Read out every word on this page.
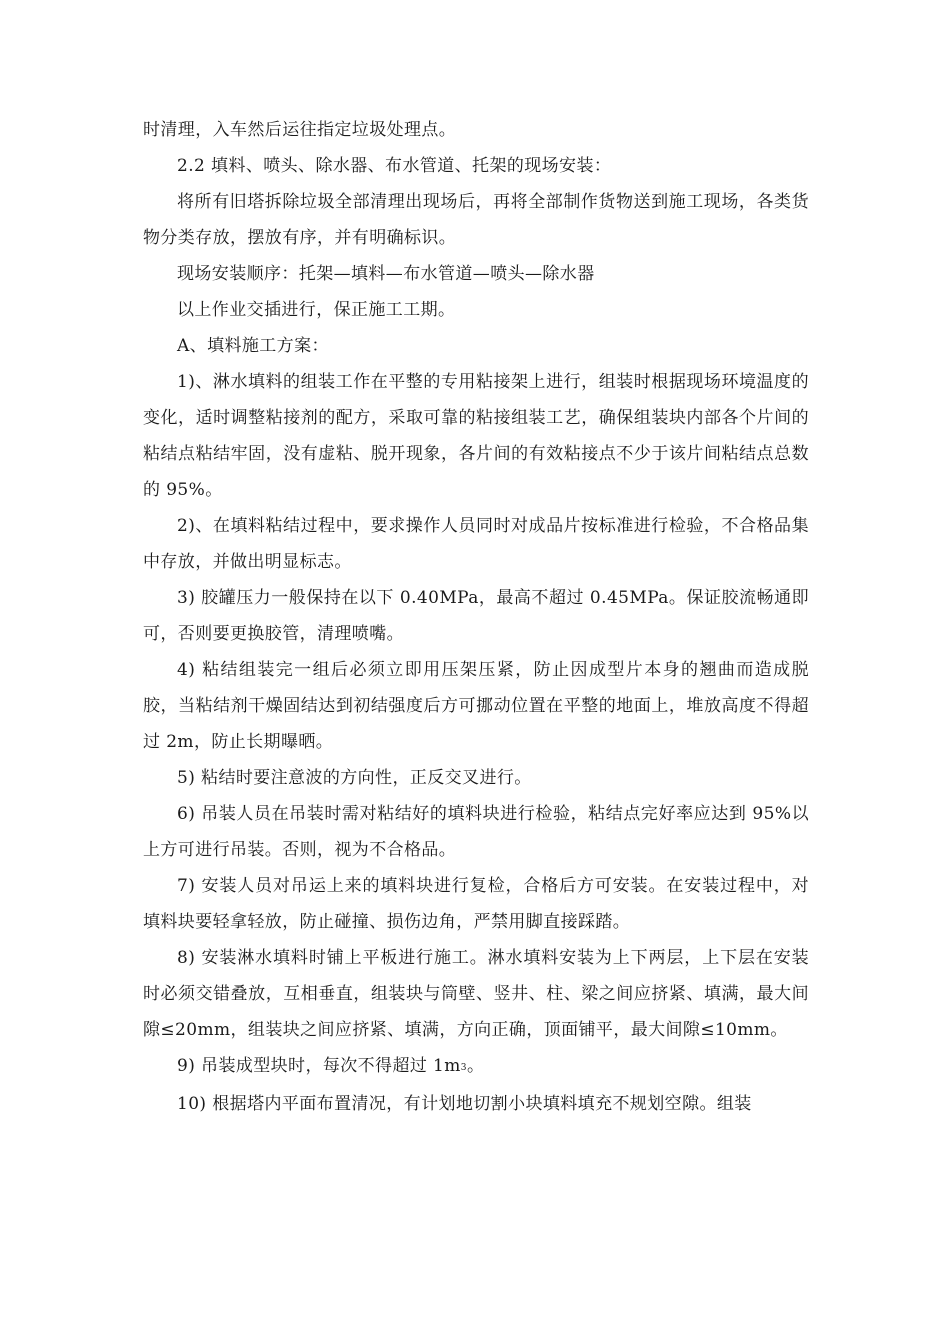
时清理，入车然后运往指定垃圾处理点。

2.2 填料、喷头、除水器、布水管道、托架的现场安装：

将所有旧塔拆除垃圾全部清理出现场后，再将全部制作货物送到施工现场，各类货物分类存放，摆放有序，并有明确标识。

现场安装顺序：托架—填料—布水管道—喷头—除水器

以上作业交插进行，保正施工工期。

A、填料施工方案：

1)、淋水填料的组装工作在平整的专用粘接架上进行，组装时根据现场环境温度的变化，适时调整粘接剂的配方，采取可靠的粘接组装工艺，确保组装块内部各个片间的粘结点粘结牢固，没有虚粘、脱开现象，各片间的有效粘接点不少于该片间粘结点总数的 95%。

2)、在填料粘结过程中，要求操作人员同时对成品片按标准进行检验，不合格品集中存放，并做出明显标志。

3) 胶罐压力一般保持在以下 0.40MPa，最高不超过 0.45MPa。保证胶流畅通即可，否则要更换胶管，清理喷嘴。

4) 粘结组装完一组后必须立即用压架压紧，防止因成型片本身的翘曲而造成脱胶，当粘结剂干燥固结达到初结强度后方可挪动位置在平整的地面上，堆放高度不得超过 2m，防止长期曝晒。

5) 粘结时要注意波的方向性，正反交叉进行。

6) 吊装人员在吊装时需对粘结好的填料块进行检验，粘结点完好率应达到 95%以上方可进行吊装。否则，视为不合格品。

7) 安装人员对吊运上来的填料块进行复检，合格后方可安装。在安装过程中，对填料块要轻拿轻放，防止碰撞、损伤边角，严禁用脚直接踩踏。

8) 安装淋水填料时铺上平板进行施工。淋水填料安装为上下两层，上下层在安装时必须交错叠放，互相垂直，组装块与筒壁、竖井、柱、梁之间应挤紧、填满，最大间隙≤20mm，组装块之间应挤紧、填满，方向正确，顶面铺平，最大间隙≤10mm。

9) 吊装成型块时，每次不得超过 1m3。

10) 根据塔内平面布置清况，有计划地切割小块填料填充不规划空隙。组装
